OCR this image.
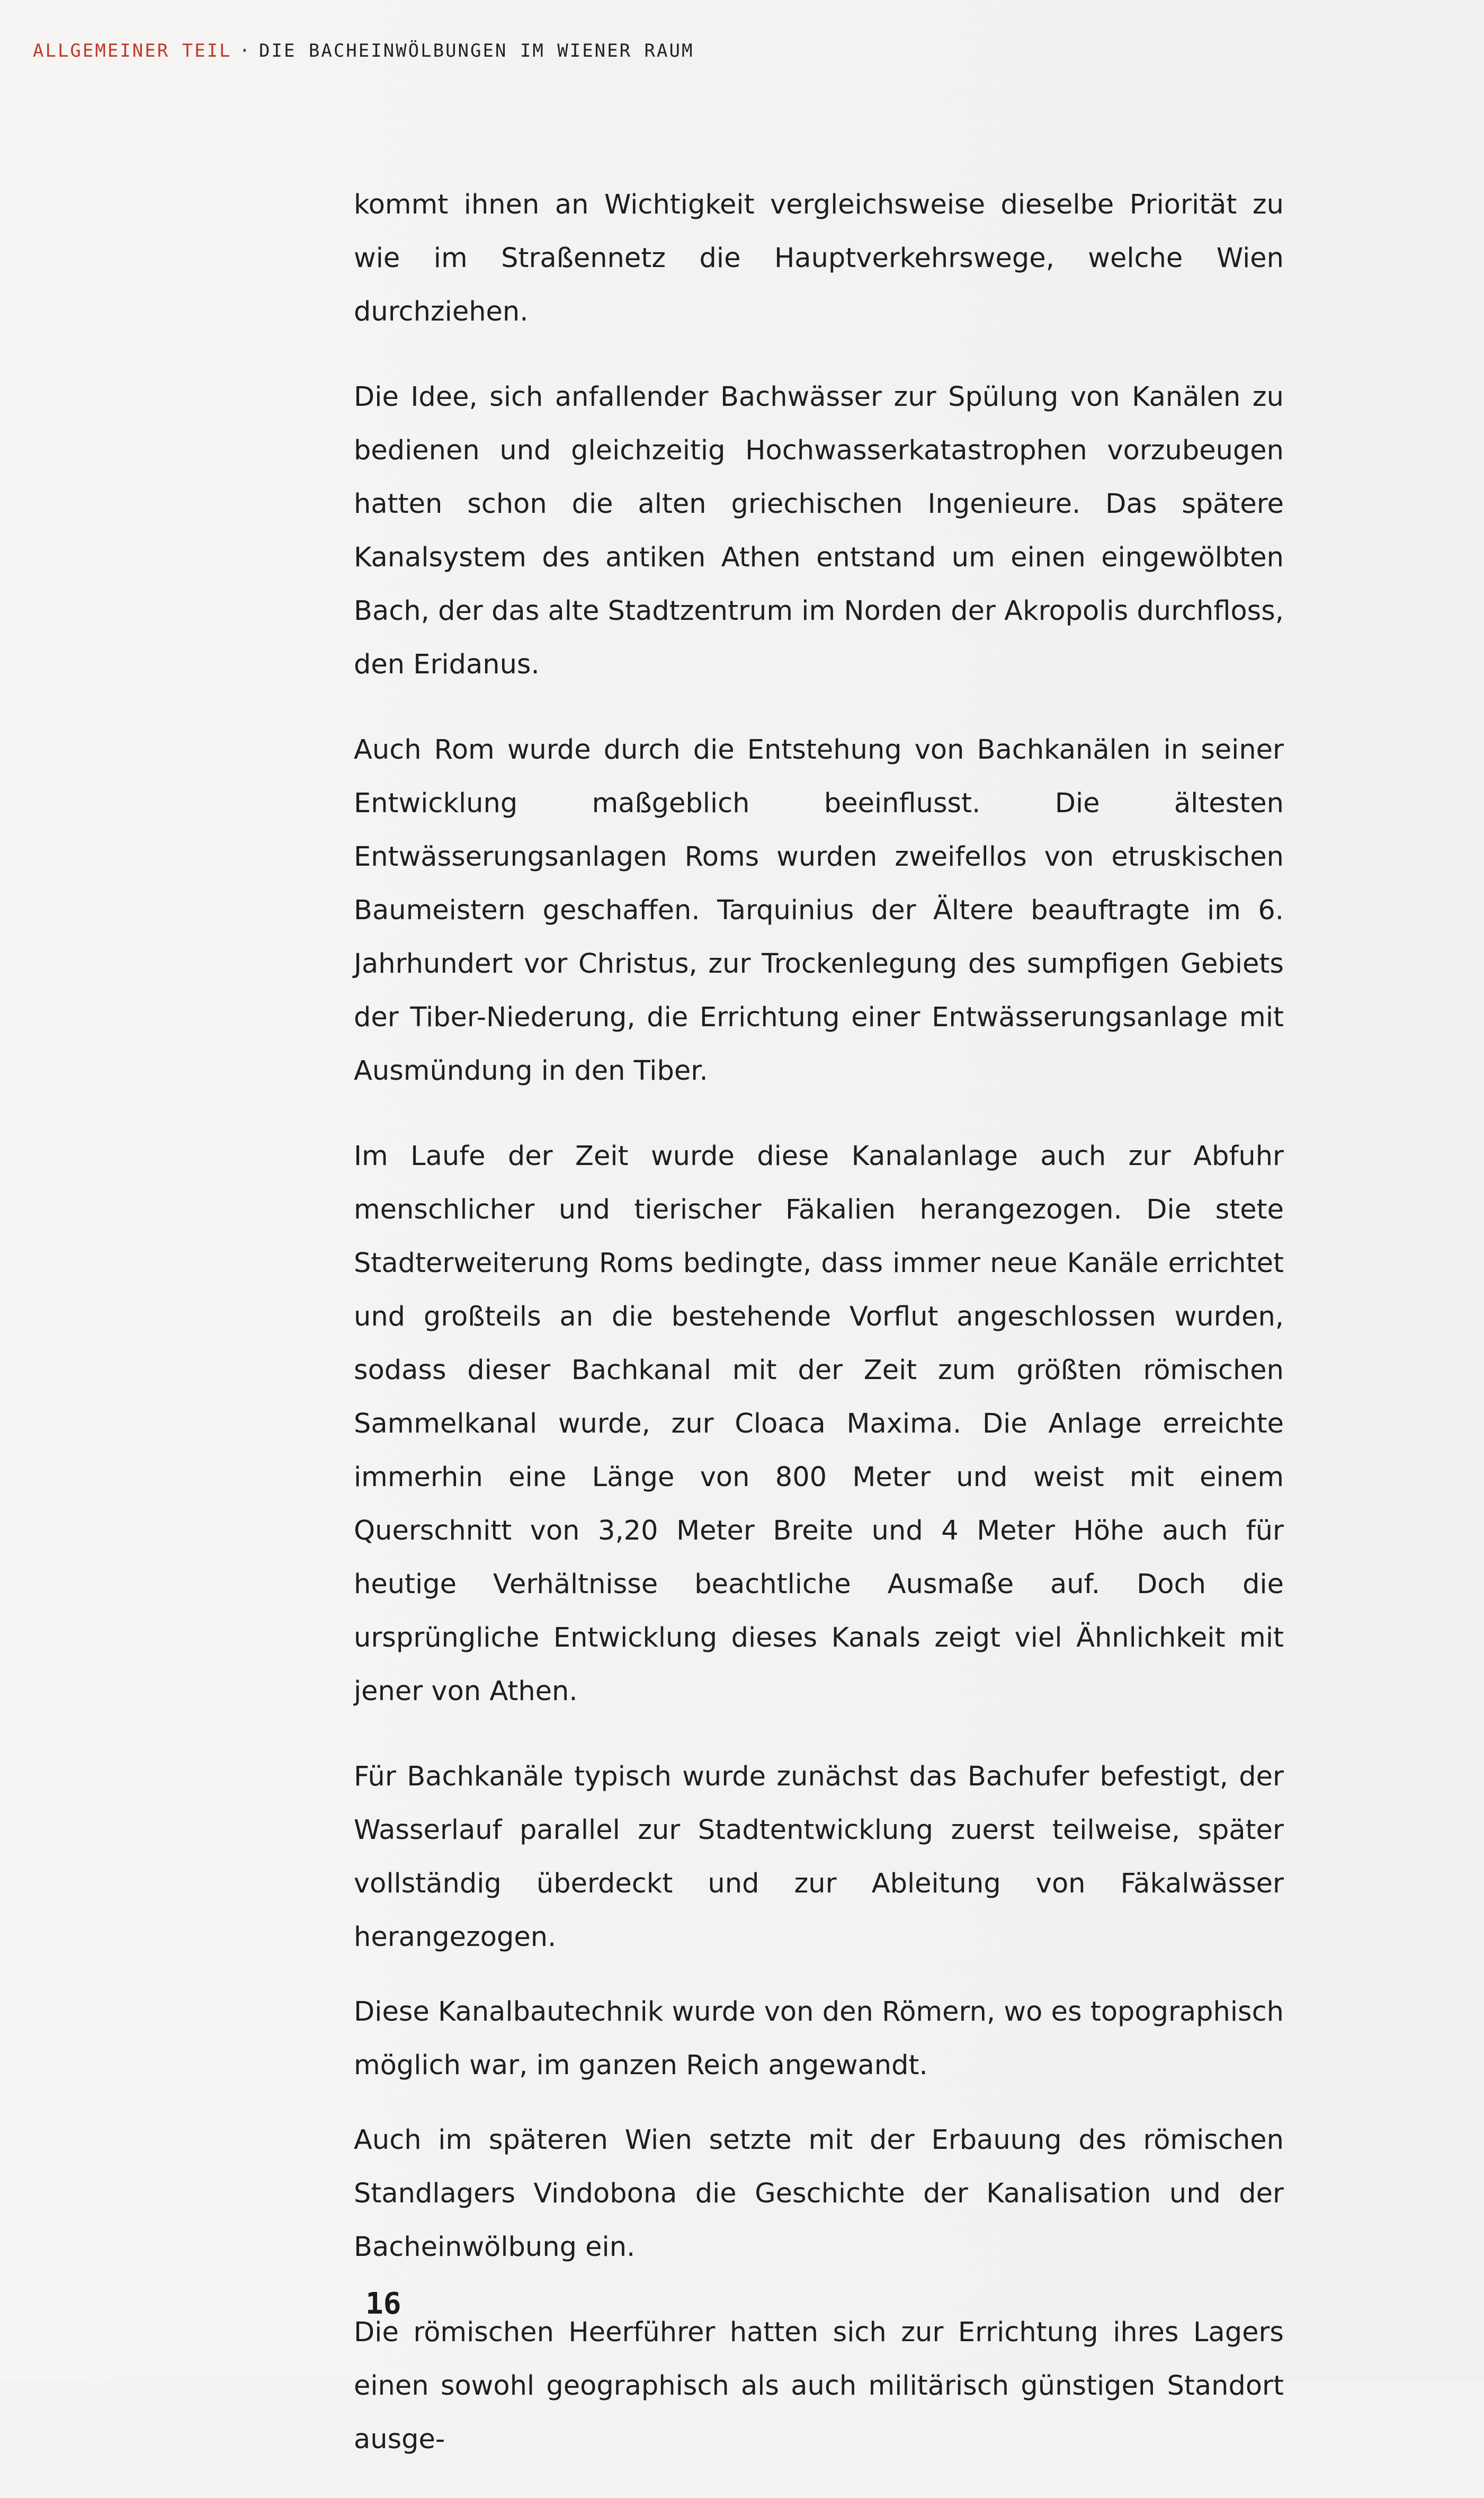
ALLGEMEINER TEIL · DIE BACHEINWÖLBUNGEN IM WIENER RAUM

kommt ihnen an Wichtigkeit vergleichsweise dieselbe Priorität zu wie im Straßennetz die Hauptverkehrswege, welche Wien durchziehen.

Die Idee, sich anfallender Bachwässer zur Spülung von Kanälen zu bedienen und gleichzeitig Hochwasserkatastrophen vorzubeugen hatten schon die alten griechischen Ingenieure. Das spätere Kanalsystem des antiken Athen entstand um einen eingewölbten Bach, der das alte Stadtzentrum im Norden der Akropolis durchfloss, den Eridanus.

Auch Rom wurde durch die Entstehung von Bachkanälen in seiner Entwicklung maßgeblich beeinflusst. Die ältesten Entwässerungsanlagen Roms wurden zweifellos von etruskischen Baumeistern geschaffen. Tarquinius der Ältere beauftragte im 6. Jahrhundert vor Christus, zur Trockenlegung des sumpfigen Gebiets der Tiber-Niederung, die Errichtung einer Entwässerungsanlage mit Ausmündung in den Tiber.

Im Laufe der Zeit wurde diese Kanalanlage auch zur Abfuhr menschlicher und tierischer Fäkalien herangezogen. Die stete Stadterweiterung Roms bedingte, dass immer neue Kanäle errichtet und großteils an die bestehende Vorflut angeschlossen wurden, sodass dieser Bachkanal mit der Zeit zum größten römischen Sammelkanal wurde, zur Cloaca Maxima. Die Anlage erreichte immerhin eine Länge von 800 Meter und weist mit einem Querschnitt von 3,20 Meter Breite und 4 Meter Höhe auch für heutige Verhältnisse beachtliche Ausmaße auf. Doch die ursprüngliche Entwicklung dieses Kanals zeigt viel Ähnlichkeit mit jener von Athen.

Für Bachkanäle typisch wurde zunächst das Bachufer befestigt, der Wasserlauf parallel zur Stadtentwicklung zuerst teilweise, später vollständig überdeckt und zur Ableitung von Fäkalwässer herangezogen.

Diese Kanalbautechnik wurde von den Römern, wo es topographisch möglich war, im ganzen Reich angewandt.

Auch im späteren Wien setzte mit der Erbauung des römischen Standlagers Vindobona die Geschichte der Kanalisation und der Bacheinwölbung ein.

Die römischen Heerführer hatten sich zur Errichtung ihres Lagers einen sowohl geographisch als auch militärisch günstigen Standort ausge-

16
